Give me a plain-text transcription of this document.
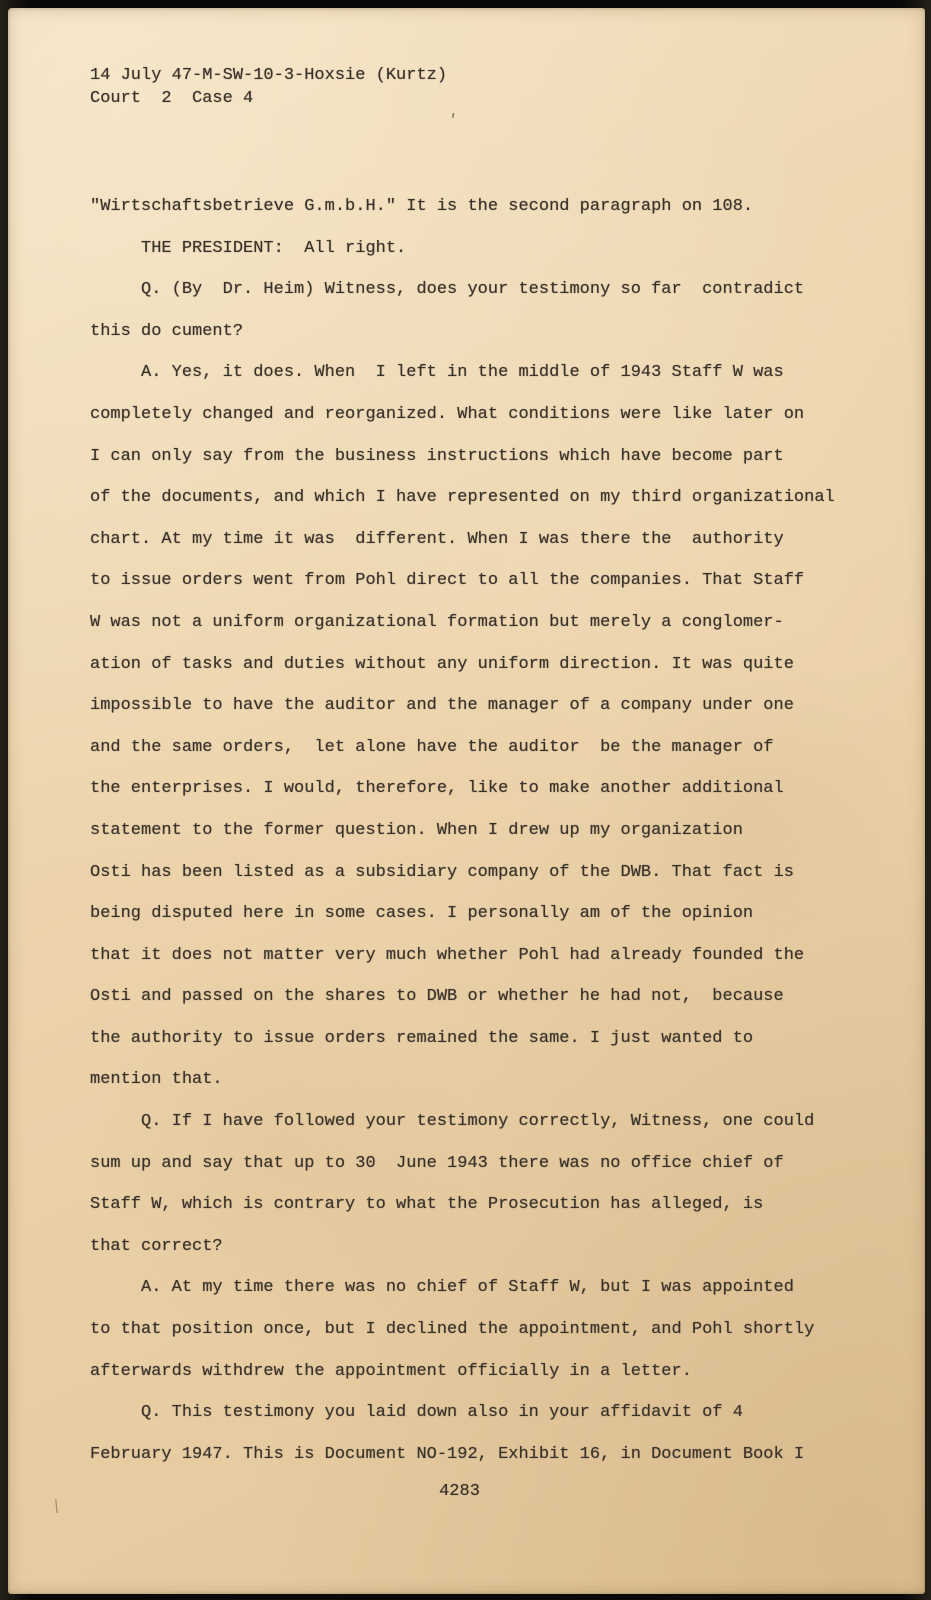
14 July 47-M-SW-10-3-Hoxsie (Kurtz)
Court  2  Case 4
"Wirtschaftsbetrieve G.m.b.H." It is the second paragraph on 108.
THE PRESIDENT:  All right.
Q. (By  Dr. Heim) Witness, does your testimony so far  contradict
this do cument?
A. Yes, it does. When  I left in the middle of 1943 Staff W was
completely changed and reorganized. What conditions were like later on
I can only say from the business instructions which have become part
of the documents, and which I have represented on my third organizational
chart. At my time it was  different. When I was there the  authority
to issue orders went from Pohl direct to all the companies. That Staff
W was not a uniform organizational formation but merely a conglomer-
ation of tasks and duties without any uniform direction. It was quite
impossible to have the auditor and the manager of a company under one
and the same orders,  let alone have the auditor  be the manager of
the enterprises. I would, therefore, like to make another additional
statement to the former question. When I drew up my organization
Osti has been listed as a subsidiary company of the DWB. That fact is
being disputed here in some cases. I personally am of the opinion
that it does not matter very much whether Pohl had already founded the
Osti and passed on the shares to DWB or whether he had not,  because
the authority to issue orders remained the same. I just wanted to
mention that.
Q. If I have followed your testimony correctly, Witness, one could
sum up and say that up to 30  June 1943 there was no office chief of
Staff W, which is contrary to what the Prosecution has alleged, is
that correct?
A. At my time there was no chief of Staff W, but I was appointed
to that position once, but I declined the appointment, and Pohl shortly
afterwards withdrew the appointment officially in a letter.
Q. This testimony you laid down also in your affidavit of 4
February 1947. This is Document NO-192, Exhibit 16, in Document Book I
4283
'
|
